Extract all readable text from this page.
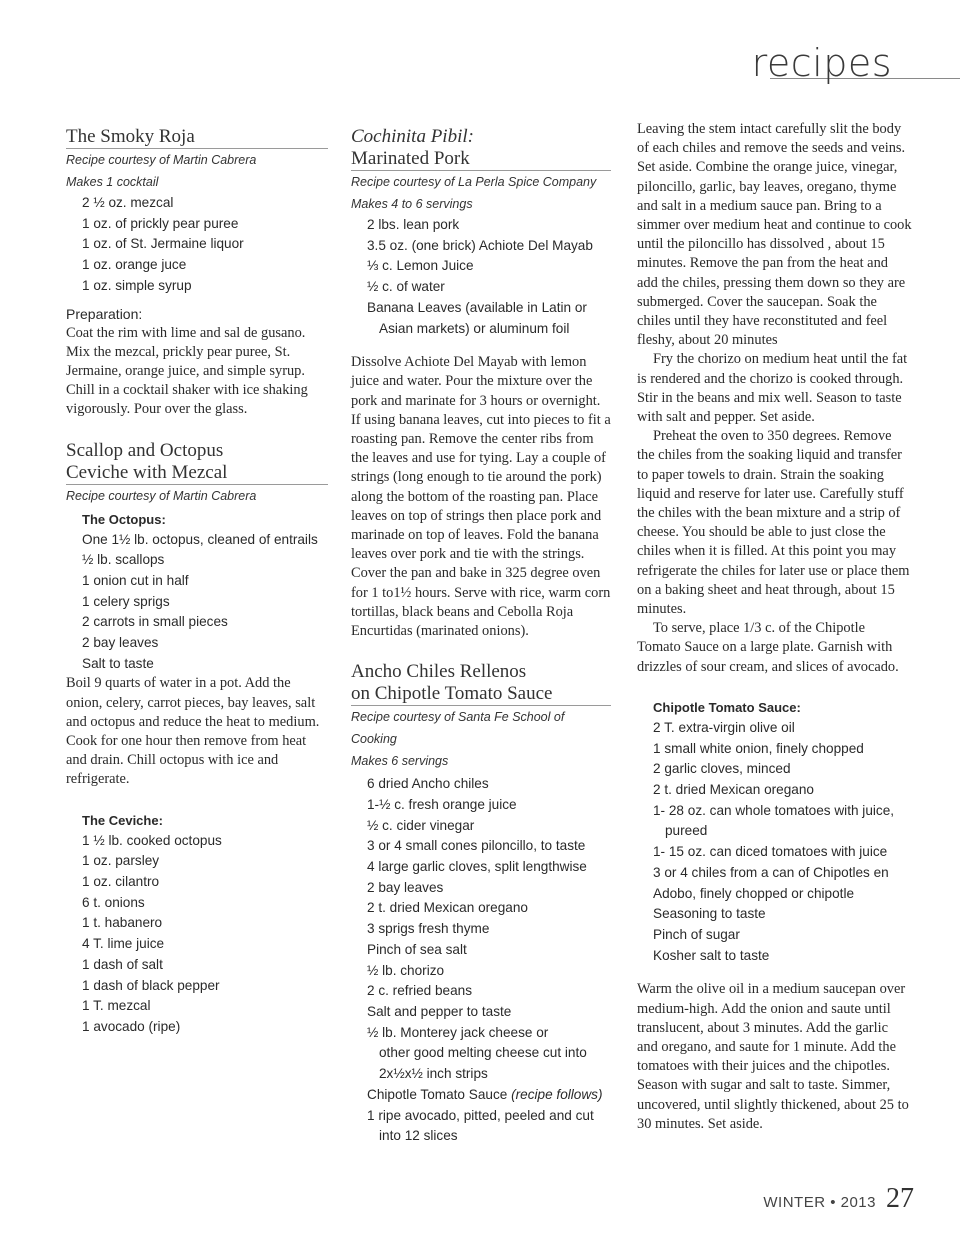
recipes
The Smoky Roja
Recipe courtesy of Martin Cabrera
Makes 1 cocktail
2 ½ oz. mezcal
1 oz. of prickly pear puree
1 oz. of St. Jermaine liquor
1 oz. orange juce
1 oz. simple syrup
Preparation:

Coat the rim with lime and sal de gusano. Mix the mezcal, prickly pear puree, St. Jermaine, orange juice, and simple syrup. Chill in a cocktail shaker with ice shaking vigorously. Pour over the glass.

Scallop and Octopus
Ceviche with Mezcal
Recipe courtesy of Martin Cabrera
The Octopus:
One 1½ lb. octopus, cleaned of entrails
½ lb. scallops
1 onion cut in half
1 celery sprigs
2 carrots in small pieces
2 bay leaves
Salt to taste

Boil 9 quarts of water in a pot. Add the onion, celery, carrot pieces, bay leaves, salt and octopus and reduce the heat to medium. Cook for one hour then remove from heat and drain. Chill octopus with ice and refrigerate.

The Ceviche:
1 ½ lb. cooked octopus
1 oz. parsley
1 oz. cilantro
6 t. onions
1 t. habanero
4 T. lime juice
1 dash of salt
1 dash of black pepper
1 T. mezcal
1 avocado (ripe)
Cochinita Pibil:
Marinated Pork
Recipe courtesy of La Perla Spice Company
Makes 4 to 6 servings
2 lbs. lean pork
3.5 oz. (one brick) Achiote Del Mayab
⅓ c. Lemon Juice
½ c. of water
Banana Leaves (available in Latin or
Asian markets) or aluminum foil

Dissolve Achiote Del Mayab with lemon juice and water. Pour the mixture over the pork and marinate for 3 hours or overnight. If using banana leaves, cut into pieces to fit a roasting pan. Remove the center ribs from the leaves and use for tying. Lay a couple of strings (long enough to tie around the pork) along the bottom of the roasting pan. Place leaves on top of strings then place pork and marinade on top of leaves. Fold the banana leaves over pork and tie with the strings. Cover the pan and bake in 325 degree oven for 1 to1½ hours. Serve with rice, warm corn tortillas, black beans and Cebolla Roja Encurtidas (marinated onions).

Ancho Chiles Rellenos
on Chipotle Tomato Sauce
Recipe courtesy of Santa Fe School of Cooking
Makes 6 servings
6 dried Ancho chiles
1-½ c. fresh orange juice
½ c. cider vinegar
3 or 4 small cones piloncillo, to taste
4 large garlic cloves, split lengthwise
2 bay leaves
2 t. dried Mexican oregano
3 sprigs fresh thyme
Pinch of sea salt
½ lb. chorizo
2 c. refried beans
Salt and pepper to taste
½ lb. Monterey jack cheese or
other good melting cheese cut into
2x½x½ inch strips
Chipotle Tomato Sauce (recipe follows)
1 ripe avocado, pitted, peeled and cut
into 12 slices

Leaving the stem intact carefully slit the body of each chiles and remove the seeds and veins. Set aside. Combine the orange juice, vinegar, piloncillo, garlic, bay leaves, oregano, thyme and salt in a medium sauce pan. Bring to a simmer over medium heat and continue to cook until the piloncillo has dissolved , about 15 minutes. Remove the pan from the heat and add the chiles, pressing them down so they are submerged. Cover the saucepan. Soak the chiles until they have reconstituted and feel fleshy, about 20 minutes

Fry the chorizo on medium heat until the fat is rendered and the chorizo is cooked through. Stir in the beans and mix well. Season to taste with salt and pepper. Set aside.

Preheat the oven to 350 degrees. Remove the chiles from the soaking liquid and transfer to paper towels to drain. Strain the soaking liquid and reserve for later use. Carefully stuff the chiles with the bean mixture and a strip of cheese. You should be able to just close the chiles when it is filled. At this point you may refrigerate the chiles for later use or place them on a baking sheet and heat through, about 15 minutes.

To serve, place 1/3 c. of the Chipotle Tomato Sauce on a large plate. Garnish with drizzles of sour cream, and slices of avocado.

Chipotle Tomato Sauce:
2 T. extra-virgin olive oil
1 small white onion, finely chopped
2 garlic cloves, minced
2 t. dried Mexican oregano
1- 28 oz. can whole tomatoes with juice,
pureed
1- 15 oz. can diced tomatoes with juice
3 or 4 chiles from a can of Chipotles en
Adobo, finely chopped or chipotle
Seasoning to taste
Pinch of sugar
Kosher salt to taste

Warm the olive oil in a medium saucepan over medium-high. Add the onion and saute until translucent, about 3 minutes. Add the garlic and oregano, and saute for 1 minute. Add the tomatoes with their juices and the chipotles. Season with sugar and salt to taste. Simmer, uncovered, until slightly thickened, about 25 to 30 minutes. Set aside.

WINTER • 2013 27
